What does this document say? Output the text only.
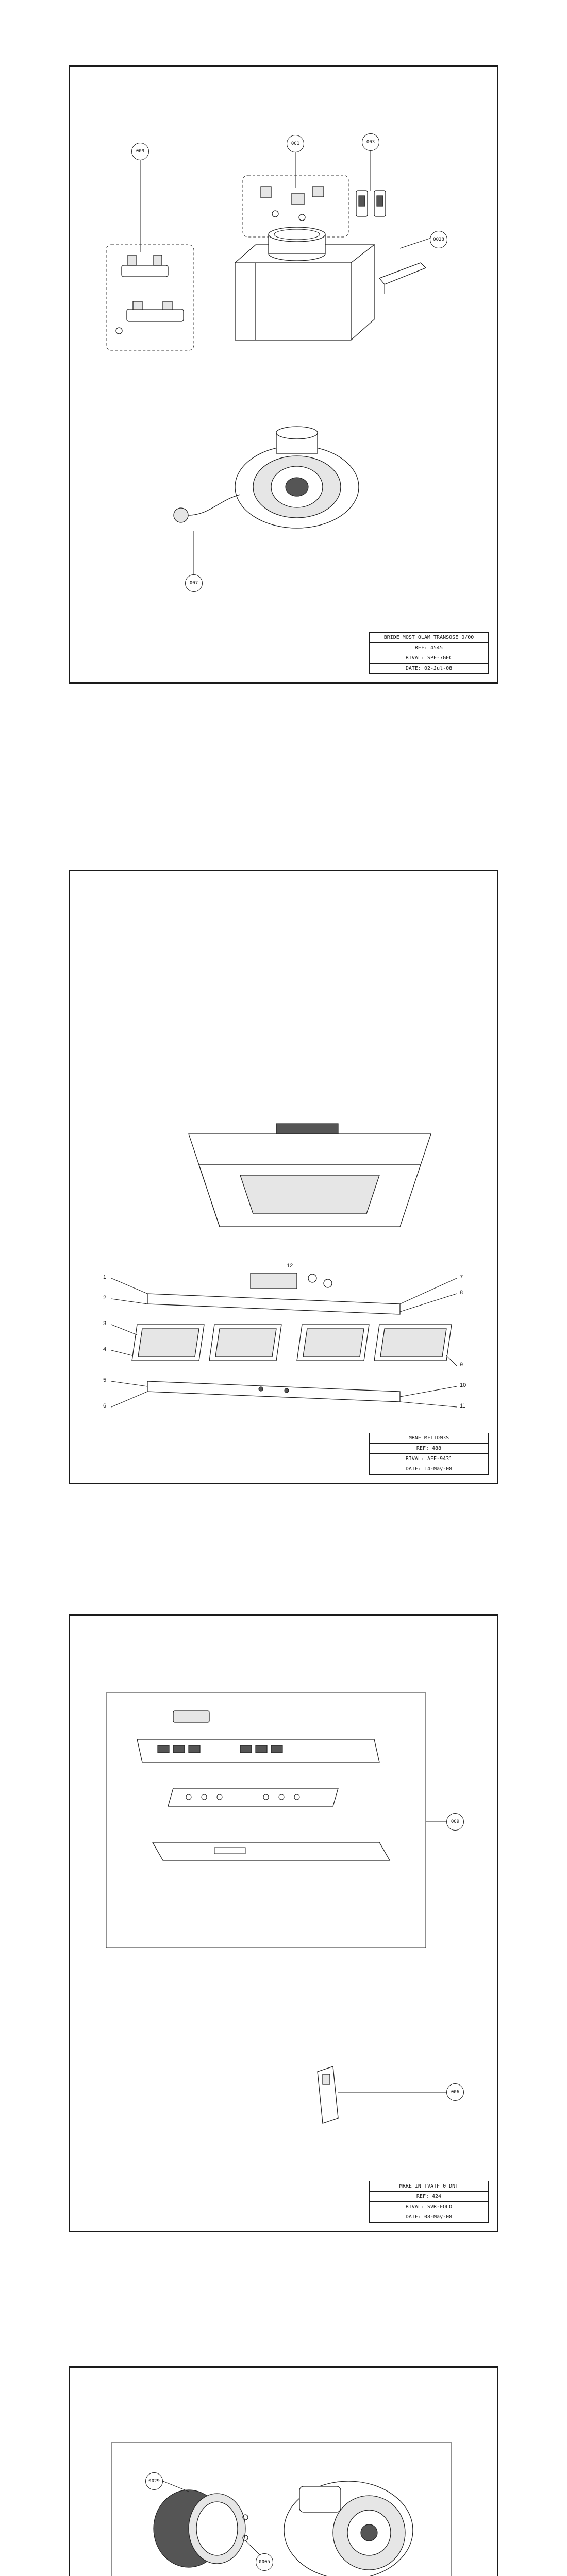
009
001	003
0028
007
BRIDE MOST OLAM TRANSOSE 0/00
REF: 4545
RIVAL: SPE-7GEC
DATE: 02-Jul-08
1
2
3
4
5
6
7
8
9
10
11
12
MRNE MFTTDM3S
REF: 488
RIVAL: AEE-9431
DATE: 14-May-08
009
006
MRRE IN TVATF 0 DNT
REF: 424
RIVAL: SVR-FOLO
DATE: 08-May-08
0029
0005
